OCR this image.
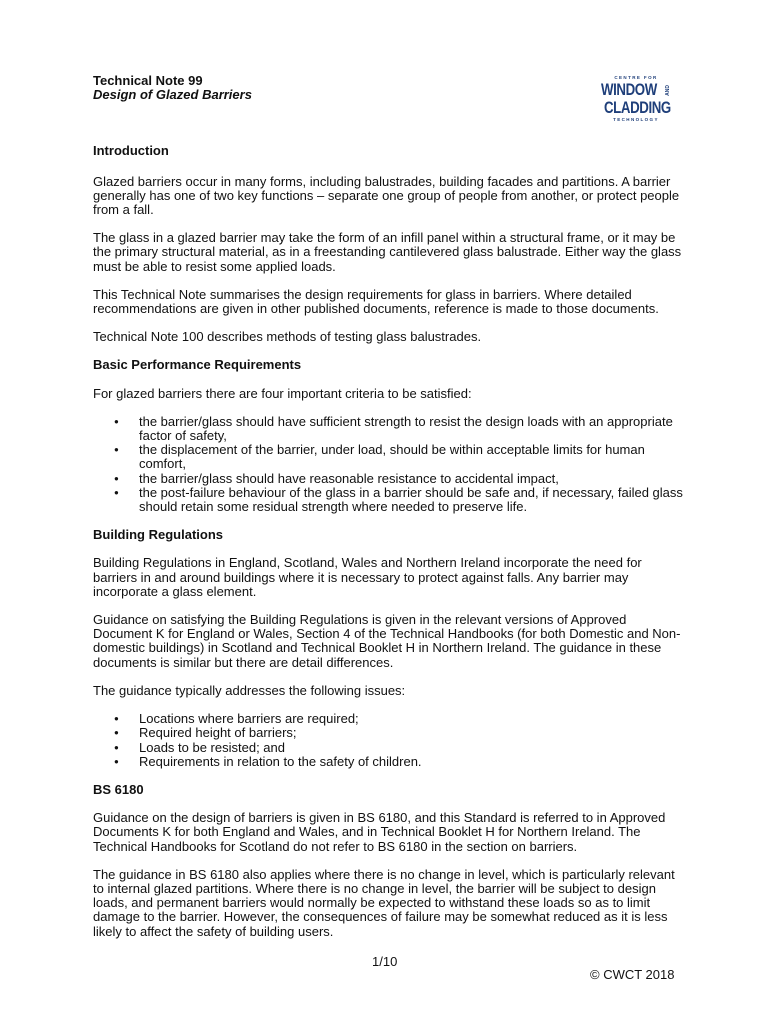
CENTRE FOR
WINDOW AND
CLADDING
TECHNOLOGY

Technical Note 99

Design of Glazed Barriers

Introduction

Glazed barriers occur in many forms, including balustrades, building facades and partitions. A barrier generally has one of two key functions – separate one group of people from another, or protect people from a fall.

The glass in a glazed barrier may take the form of an infill panel within a structural frame, or it may be the primary structural material, as in a freestanding cantilevered glass balustrade. Either way the glass must be able to resist some applied loads.

This Technical Note summarises the design requirements for glass in barriers. Where detailed recommendations are given in other published documents, reference is made to those documents.

Technical Note 100 describes methods of testing glass balustrades.

Basic Performance Requirements

For glazed barriers there are four important criteria to be satisfied:

● the barrier/glass should have sufficient strength to resist the design loads with an appropriate factor of safety,
● the displacement of the barrier, under load, should be within acceptable limits for human comfort,
● the barrier/glass should have reasonable resistance to accidental impact,
● the post-failure behaviour of the glass in a barrier should be safe and, if necessary, failed glass should retain some residual strength where needed to preserve life.
Building Regulations

Building Regulations in England, Scotland, Wales and Northern Ireland incorporate the need for barriers in and around buildings where it is necessary to protect against falls. Any barrier may incorporate a glass element.

Guidance on satisfying the Building Regulations is given in the relevant versions of Approved Document K for England or Wales, Section 4 of the Technical Handbooks (for both Domestic and Non-domestic buildings) in Scotland and Technical Booklet H in Northern Ireland. The guidance in these documents is similar but there are detail differences.

The guidance typically addresses the following issues:

● Locations where barriers are required;
● Required height of barriers;
● Loads to be resisted; and
● Requirements in relation to the safety of children.
BS 6180

Guidance on the design of barriers is given in BS 6180, and this Standard is referred to in Approved Documents K for both England and Wales, and in Technical Booklet H for Northern Ireland. The Technical Handbooks for Scotland do not refer to BS 6180 in the section on barriers.

The guidance in BS 6180 also applies where there is no change in level, which is particularly relevant to internal glazed partitions. Where there is no change in level, the barrier will be subject to design loads, and permanent barriers would normally be expected to withstand these loads so as to limit damage to the barrier. However, the consequences of failure may be somewhat reduced as it is less likely to affect the safety of building users.

1/10
© CWCT 2018
